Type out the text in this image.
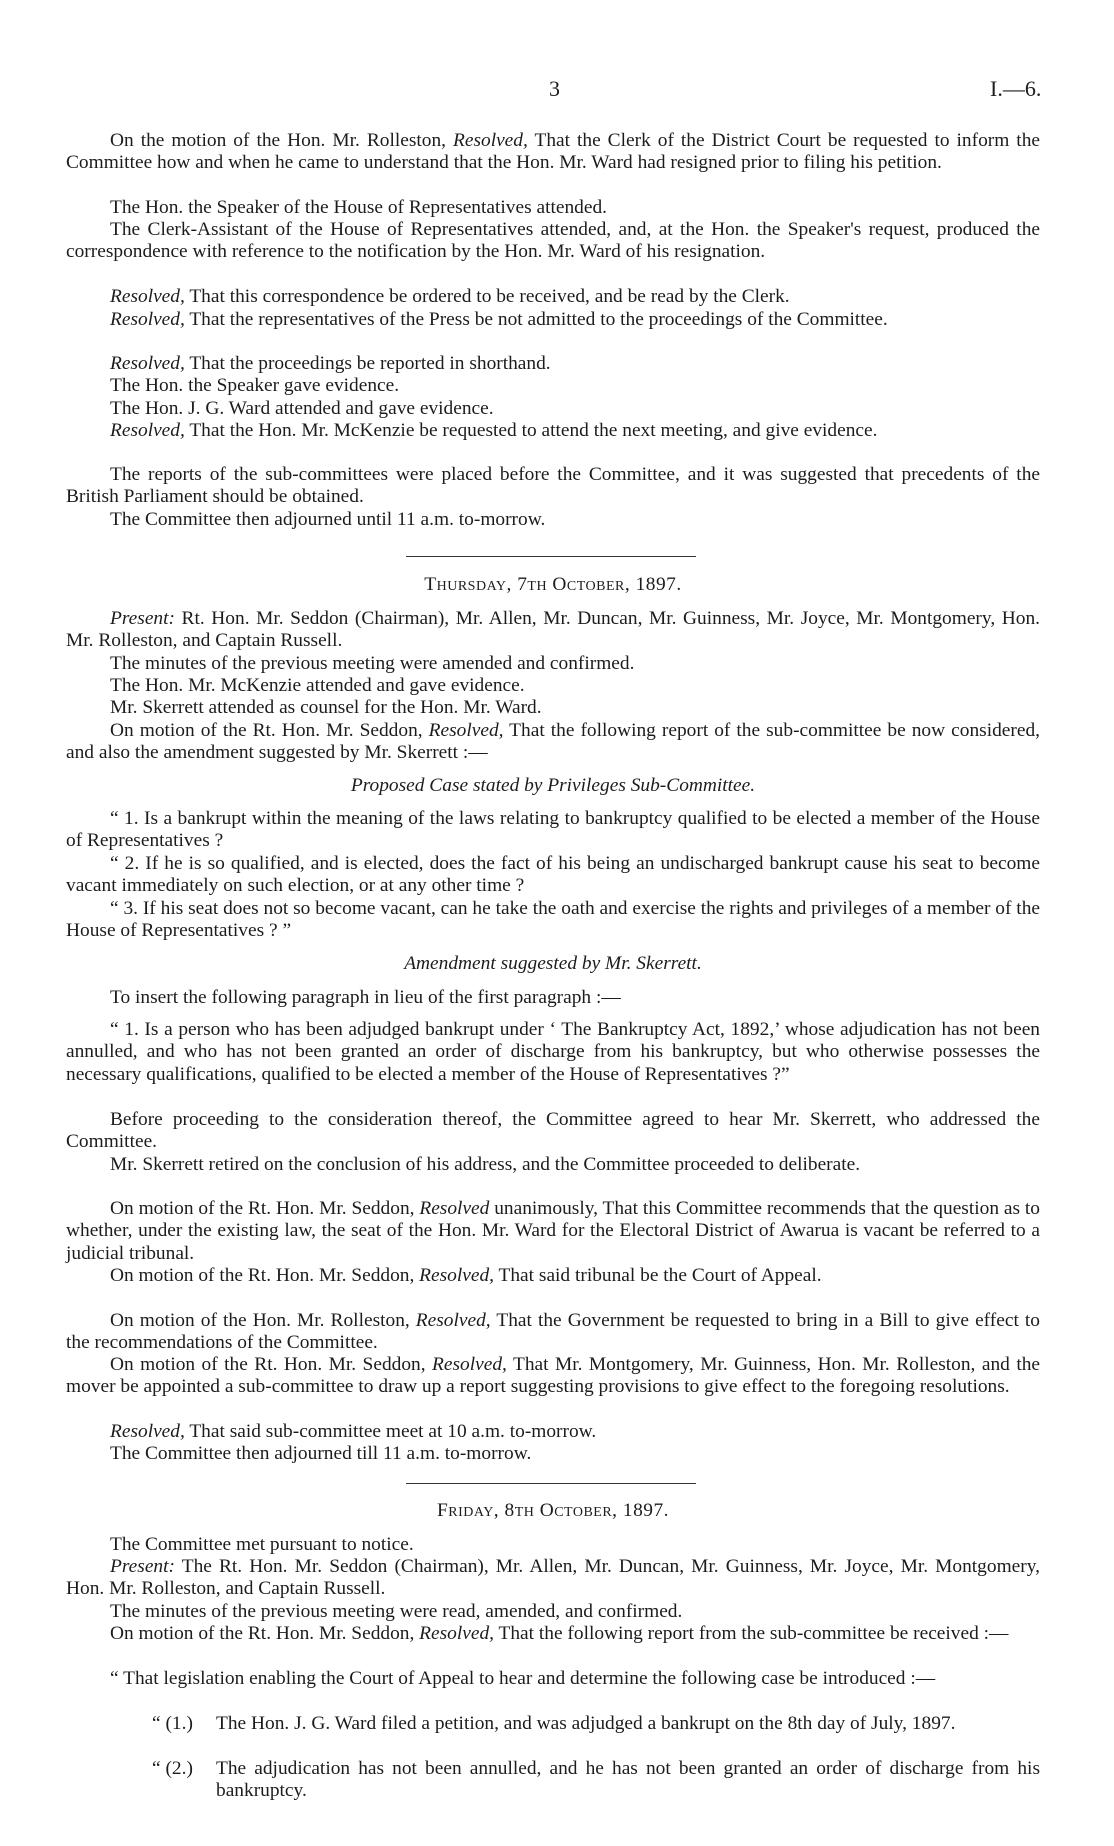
3	I.—6.

On the motion of the Hon. Mr. Rolleston, Resolved, That the Clerk of the District Court be requested to inform the Committee how and when he came to understand that the Hon. Mr. Ward had resigned prior to filing his petition.

The Hon. the Speaker of the House of Representatives attended.

The Clerk-Assistant of the House of Representatives attended, and, at the Hon. the Speaker's request, produced the correspondence with reference to the notification by the Hon. Mr. Ward of his resignation.

Resolved, That this correspondence be ordered to be received, and be read by the Clerk.

Resolved, That the representatives of the Press be not admitted to the proceedings of the Committee.

Resolved, That the proceedings be reported in shorthand.

The Hon. the Speaker gave evidence.

The Hon. J. G. Ward attended and gave evidence.

Resolved, That the Hon. Mr. McKenzie be requested to attend the next meeting, and give evidence.

The reports of the sub-committees were placed before the Committee, and it was suggested that precedents of the British Parliament should be obtained.

The Committee then adjourned until 11 a.m. to-morrow.

Thursday, 7th October, 1897.

Present: Rt. Hon. Mr. Seddon (Chairman), Mr. Allen, Mr. Duncan, Mr. Guinness, Mr. Joyce, Mr. Montgomery, Hon. Mr. Rolleston, and Captain Russell.

The minutes of the previous meeting were amended and confirmed.

The Hon. Mr. McKenzie attended and gave evidence.

Mr. Skerrett attended as counsel for the Hon. Mr. Ward.

On motion of the Rt. Hon. Mr. Seddon, Resolved, That the following report of the sub-committee be now considered, and also the amendment suggested by Mr. Skerrett :—

Proposed Case stated by Privileges Sub-Committee.

“ 1. Is a bankrupt within the meaning of the laws relating to bankruptcy qualified to be elected a member of the House of Representatives ?

“ 2. If he is so qualified, and is elected, does the fact of his being an undischarged bankrupt cause his seat to become vacant immediately on such election, or at any other time ?

“ 3. If his seat does not so become vacant, can he take the oath and exercise the rights and privileges of a member of the House of Representatives ? ”

Amendment suggested by Mr. Skerrett.

To insert the following paragraph in lieu of the first paragraph :—

“ 1. Is a person who has been adjudged bankrupt under ‘ The Bankruptcy Act, 1892,’ whose adjudication has not been annulled, and who has not been granted an order of discharge from his bankruptcy, but who otherwise possesses the necessary qualifications, qualified to be elected a member of the House of Representatives ?”

Before proceeding to the consideration thereof, the Committee agreed to hear Mr. Skerrett, who addressed the Committee.

Mr. Skerrett retired on the conclusion of his address, and the Committee proceeded to deliberate.

On motion of the Rt. Hon. Mr. Seddon, Resolved unanimously, That this Committee recommends that the question as to whether, under the existing law, the seat of the Hon. Mr. Ward for the Electoral District of Awarua is vacant be referred to a judicial tribunal.

On motion of the Rt. Hon. Mr. Seddon, Resolved, That said tribunal be the Court of Appeal.

On motion of the Hon. Mr. Rolleston, Resolved, That the Government be requested to bring in a Bill to give effect to the recommendations of the Committee.

On motion of the Rt. Hon. Mr. Seddon, Resolved, That Mr. Montgomery, Mr. Guinness, Hon. Mr. Rolleston, and the mover be appointed a sub-committee to draw up a report suggesting provisions to give effect to the foregoing resolutions.

Resolved, That said sub-committee meet at 10 a.m. to-morrow.

The Committee then adjourned till 11 a.m. to-morrow.

Friday, 8th October, 1897.

The Committee met pursuant to notice.

Present: The Rt. Hon. Mr. Seddon (Chairman), Mr. Allen, Mr. Duncan, Mr. Guinness, Mr. Joyce, Mr. Montgomery, Hon. Mr. Rolleston, and Captain Russell.

The minutes of the previous meeting were read, amended, and confirmed.

On motion of the Rt. Hon. Mr. Seddon, Resolved, That the following report from the sub-committee be received :—

“ That legislation enabling the Court of Appeal to hear and determine the following case be introduced :—

“ (1.) The Hon. J. G. Ward filed a petition, and was adjudged a bankrupt on the 8th day of July, 1897.
“ (2.) The adjudication has not been annulled, and he has not been granted an order of discharge from his bankruptcy.
